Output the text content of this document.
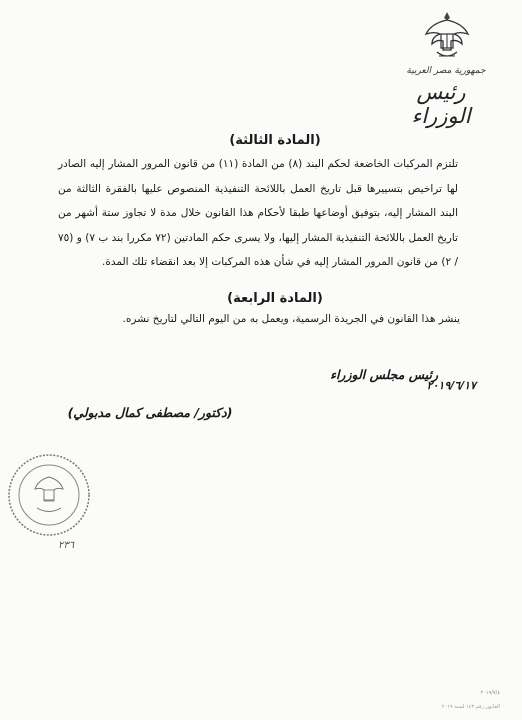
جمهورية مصر العربية
رئيس الوزراء
(المادة الثالثة)
تلتزم المركبات الخاضعة لحكم البند (٨) من المادة (١١) من قانون المرور المشار إليه الصادر لها تراخيص بتسييرها قبل تاريخ العمل باللائحة التنفيذية المنصوص عليها بالفقرة الثالثة من البند المشار إليه، بتوفيق أوضاعها طبقا لأحكام هذا القانون خلال مدة لا تجاوز ستة أشهر من تاريخ العمل باللائحة التنفيذية المشار إليها، ولا يسرى حكم المادتين (٧٢ مكررا بند ب ٧) و (٧٥ / ٢) من قانون المرور المشار إليه في شأن هذه المركبات إلا بعد انقضاء تلك المدة.
(المادة الرابعة)
ينشر هذا القانون في الجريدة الرسمية، ويعمل به من اليوم التالي لتاريخ نشره.
رئيس مجلس الوزراء
٢٠١٩/٦/١٧
(دكتور/ مصطفى كمال مدبولي)
٢٣٦
٢٠١٩/٧/٤
القانون رقم ١٤٣ لسنة ٢٠١٩
